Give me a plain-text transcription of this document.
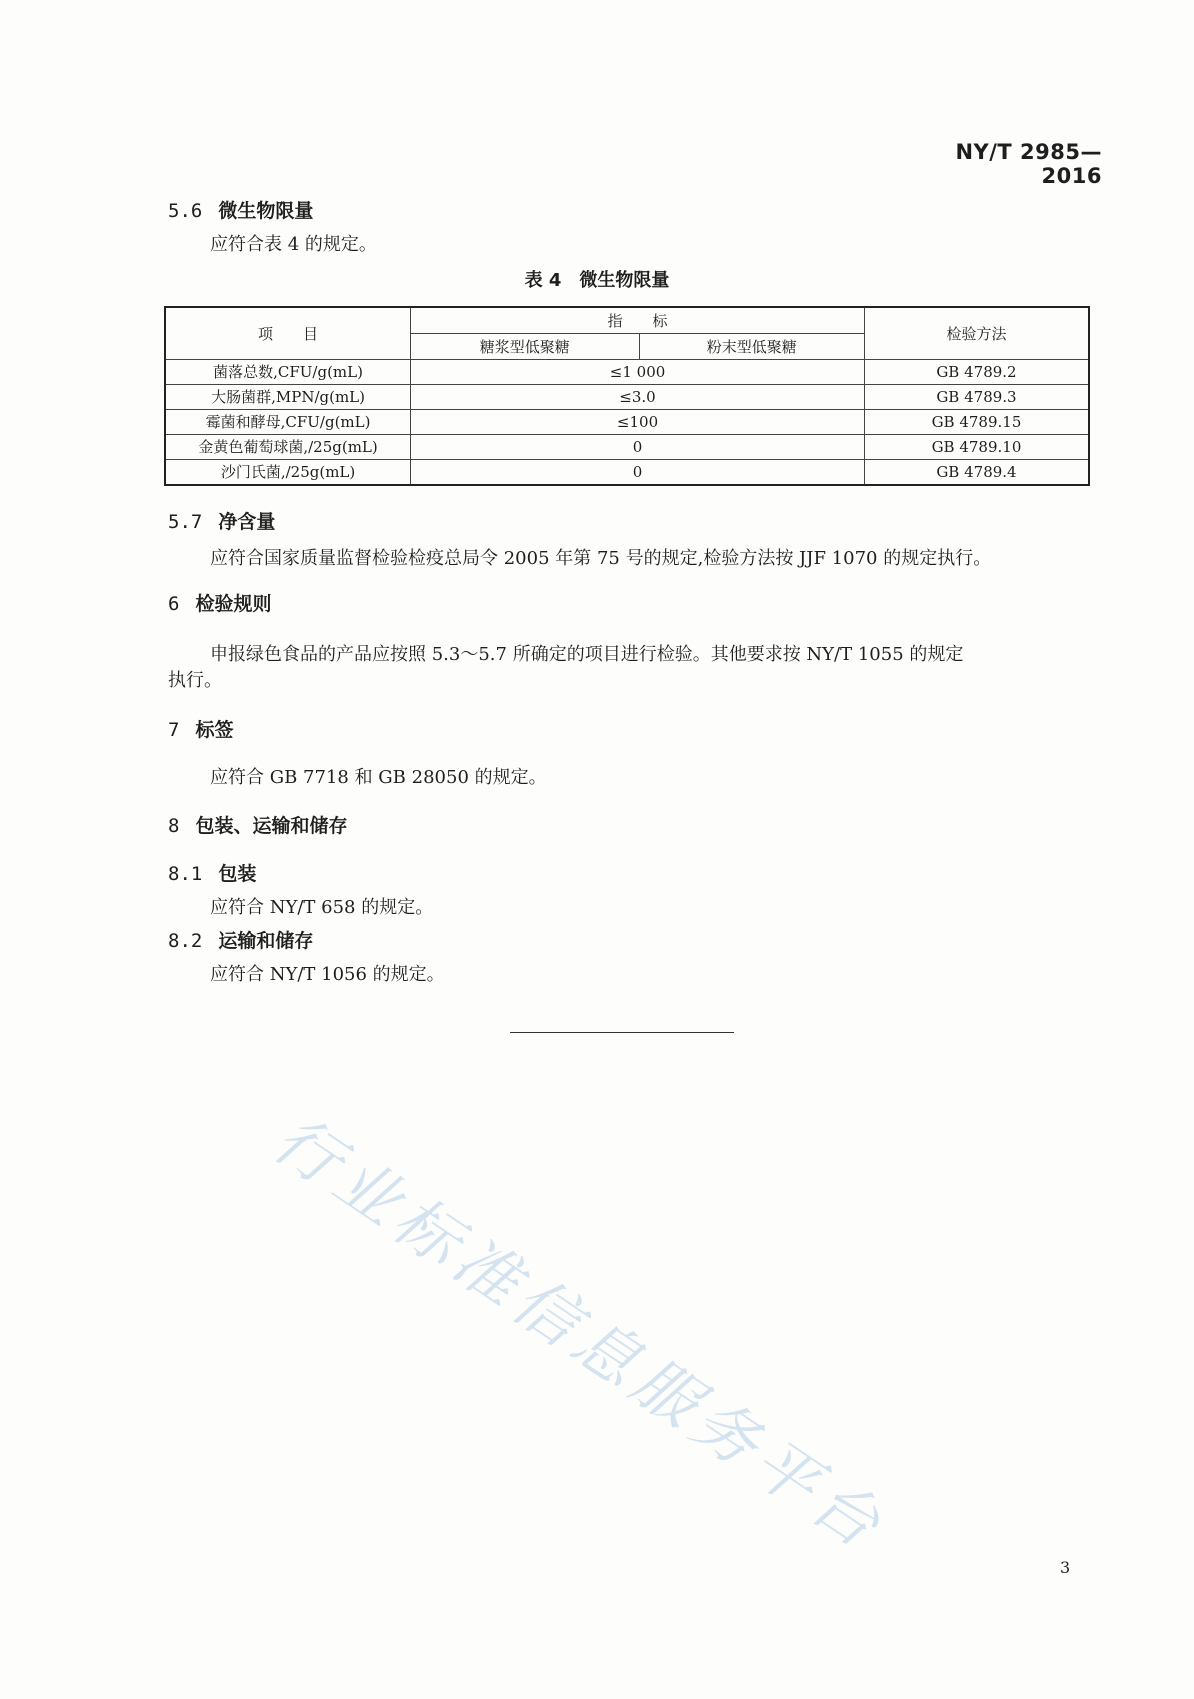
NY/T 2985—2016
5.6 微生物限量
应符合表 4 的规定。
表 4 微生物限量
项　　目	指　　标		检验方法
	糖浆型低聚糖	粉末型低聚糖	
菌落总数,CFU/g(mL)	≤1 000		GB 4789.2
大肠菌群,MPN/g(mL)	≤3.0		GB 4789.3
霉菌和酵母,CFU/g(mL)	≤100		GB 4789.15
金黄色葡萄球菌,/25g(mL)	0		GB 4789.10
沙门氏菌,/25g(mL)	0		GB 4789.4
5.7 净含量
应符合国家质量监督检验检疫总局令 2005 年第 75 号的规定,检验方法按 JJF 1070 的规定执行。
6 检验规则
申报绿色食品的产品应按照 5.3～5.7 所确定的项目进行检验。其他要求按 NY/T 1055 的规定
执行。
7 标签
应符合 GB 7718 和 GB 28050 的规定。
8 包装、运输和储存
8.1 包装
应符合 NY/T 658 的规定。
8.2 运输和储存
应符合 NY/T 1056 的规定。
行业标准信息服务平台
3
